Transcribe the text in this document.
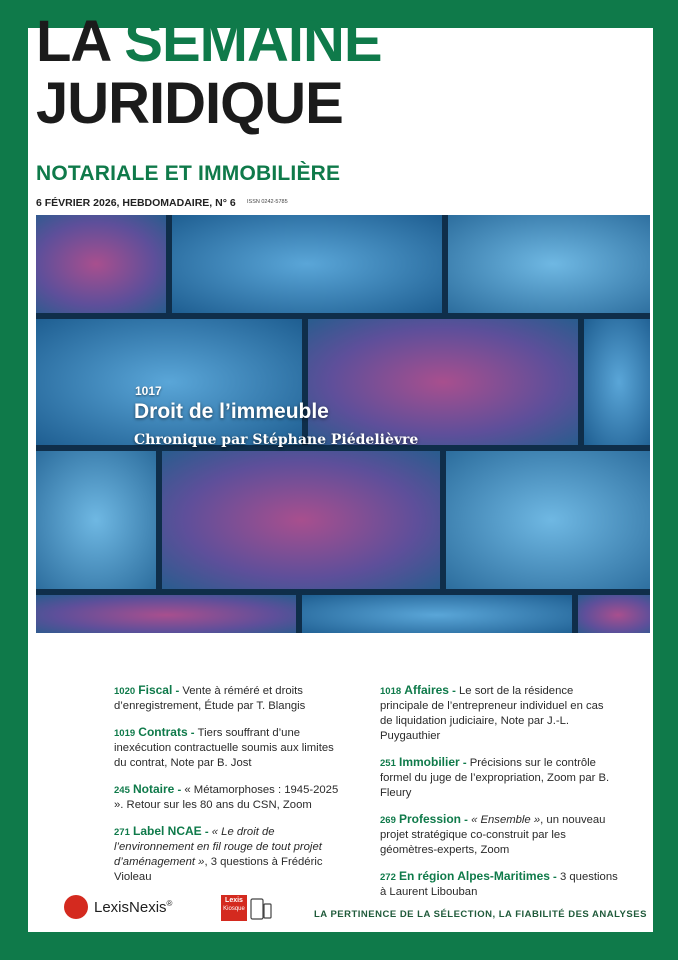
LA SEMAINE
JURIDIQUE
NOTARIALE ET IMMOBILIÈRE
6 FÉVRIER 2026, HEBDOMADAIRE, N° 6 ISSN 0242-5785
1017
Droit de l’immeuble
Chronique par Stéphane Piédelièvre
1020 Fiscal - Vente à réméré et droits d’enregistrement, Étude par T. Blangis
1019 Contrats - Tiers souffrant d’une inexécution contractuelle soumis aux limites du contrat, Note par B. Jost
245 Notaire - « Métamorphoses : 1945-2025 ». Retour sur les 80 ans du CSN, Zoom
271 Label NCAE - « Le droit de l’environnement en fil rouge de tout projet d’aménagement », 3 questions à Frédéric Violeau
1018 Affaires - Le sort de la résidence principale de l’entrepreneur individuel en cas de liquidation judiciaire, Note par J.-L. Puygauthier
251 Immobilier - Précisions sur le contrôle formel du juge de l’expropriation, Zoom par B. Fleury
269 Profession - « Ensemble », un nouveau projet stratégique co-construit par les géomètres-experts, Zoom
272 En région Alpes-Maritimes - 3 questions à Laurent Libouban
LexisNexis®	Lexis
Kiosque	LA PERTINENCE DE LA SÉLECTION, LA FIABILITÉ DES ANALYSES
